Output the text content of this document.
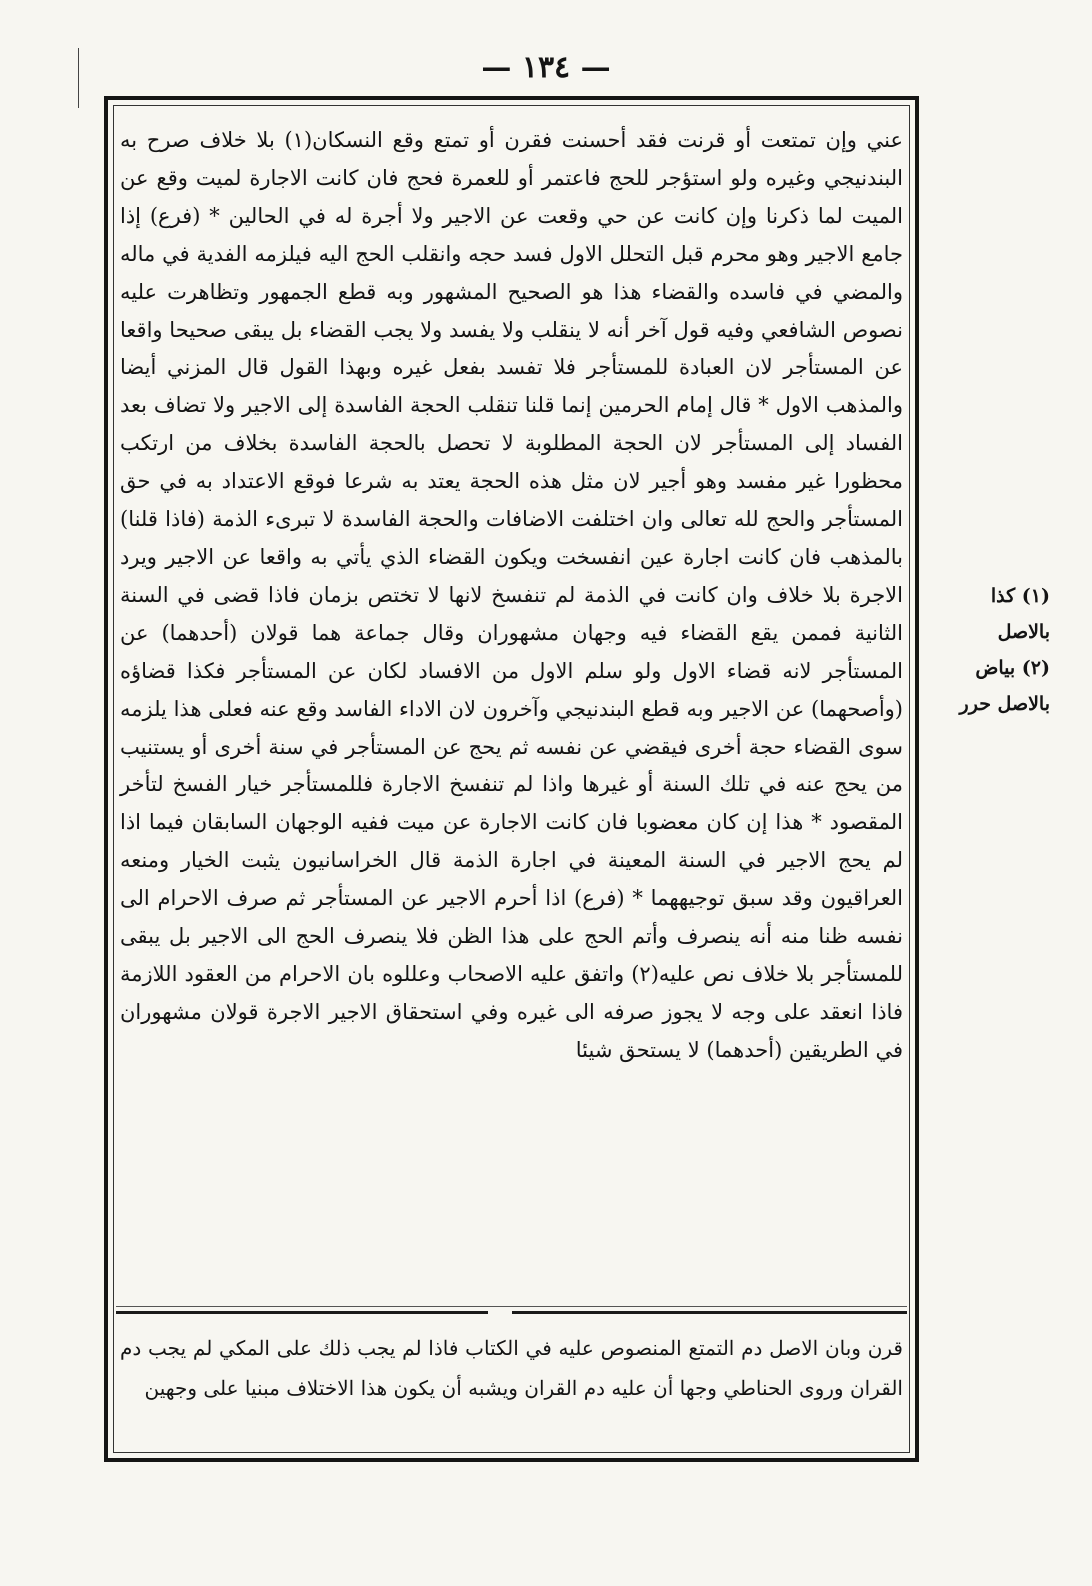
— ١٣٤ —

عني وإن تمتعت أو قرنت فقد أحسنت فقرن أو تمتع وقع النسكان(١) بلا خلاف صرح به البندنيجي وغيره ولو استؤجر للحج فاعتمر أو للعمرة فحج فان كانت الاجارة لميت وقع عن الميت لما ذكرنا وإن كانت عن حي وقعت عن الاجير ولا أجرة له في الحالين * (فرع) إذا جامع الاجير وهو محرم قبل التحلل الاول فسد حجه وانقلب الحج اليه فيلزمه الفدية في ماله والمضي في فاسده والقضاء هذا هو الصحيح المشهور وبه قطع الجمهور وتظاهرت عليه نصوص الشافعي وفيه قول آخر أنه لا ينقلب ولا يفسد ولا يجب القضاء بل يبقى صحيحا واقعا عن المستأجر لان العبادة للمستأجر فلا تفسد بفعل غيره وبهذا القول قال المزني أيضا والمذهب الاول * قال إمام الحرمين إنما قلنا تنقلب الحجة الفاسدة إلى الاجير ولا تضاف بعد الفساد إلى المستأجر لان الحجة المطلوبة لا تحصل بالحجة الفاسدة بخلاف من ارتكب محظورا غير مفسد وهو أجير لان مثل هذه الحجة يعتد به شرعا فوقع الاعتداد به في حق المستأجر والحج لله تعالى وان اختلفت الاضافات والحجة الفاسدة لا تبرىء الذمة (فاذا قلنا) بالمذهب فان كانت اجارة عين انفسخت ويكون القضاء الذي يأتي به واقعا عن الاجير ويرد الاجرة بلا خلاف وان كانت في الذمة لم تنفسخ لانها لا تختص بزمان فاذا قضى في السنة الثانية فممن يقع القضاء فيه وجهان مشهوران وقال جماعة هما قولان (أحدهما) عن المستأجر لانه قضاء الاول ولو سلم الاول من الافساد لكان عن المستأجر فكذا قضاؤه (وأصحهما) عن الاجير وبه قطع البندنيجي وآخرون لان الاداء الفاسد وقع عنه فعلى هذا يلزمه سوى القضاء حجة أخرى فيقضي عن نفسه ثم يحج عن المستأجر في سنة أخرى أو يستنيب من يحج عنه في تلك السنة أو غيرها واذا لم تنفسخ الاجارة فللمستأجر خيار الفسخ لتأخر المقصود * هذا إن كان معضوبا فان كانت الاجارة عن ميت ففيه الوجهان السابقان فيما اذا لم يحج الاجير في السنة المعينة في اجارة الذمة قال الخراسانيون يثبت الخيار ومنعه العراقيون وقد سبق توجيههما * (فرع) اذا أحرم الاجير عن المستأجر ثم صرف الاحرام الى نفسه ظنا منه أنه ينصرف وأتم الحج على هذا الظن فلا ينصرف الحج الى الاجير بل يبقى للمستأجر بلا خلاف نص عليه(٢) واتفق عليه الاصحاب وعللوه بان الاحرام من العقود اللازمة فاذا انعقد على وجه لا يجوز صرفه الى غيره وفي استحقاق الاجير الاجرة قولان مشهوران في الطريقين (أحدهما) لا يستحق شيئا

قرن وبان الاصل دم التمتع المنصوص عليه في الكتاب فاذا لم يجب ذلك على المكي لم يجب دم القران وروى الحناطي وجها أن عليه دم القران ويشبه أن يكون هذا الاختلاف مبنيا على وجهين

(١) كذا
بالاصل
(٢) بياض
بالاصل حرر
